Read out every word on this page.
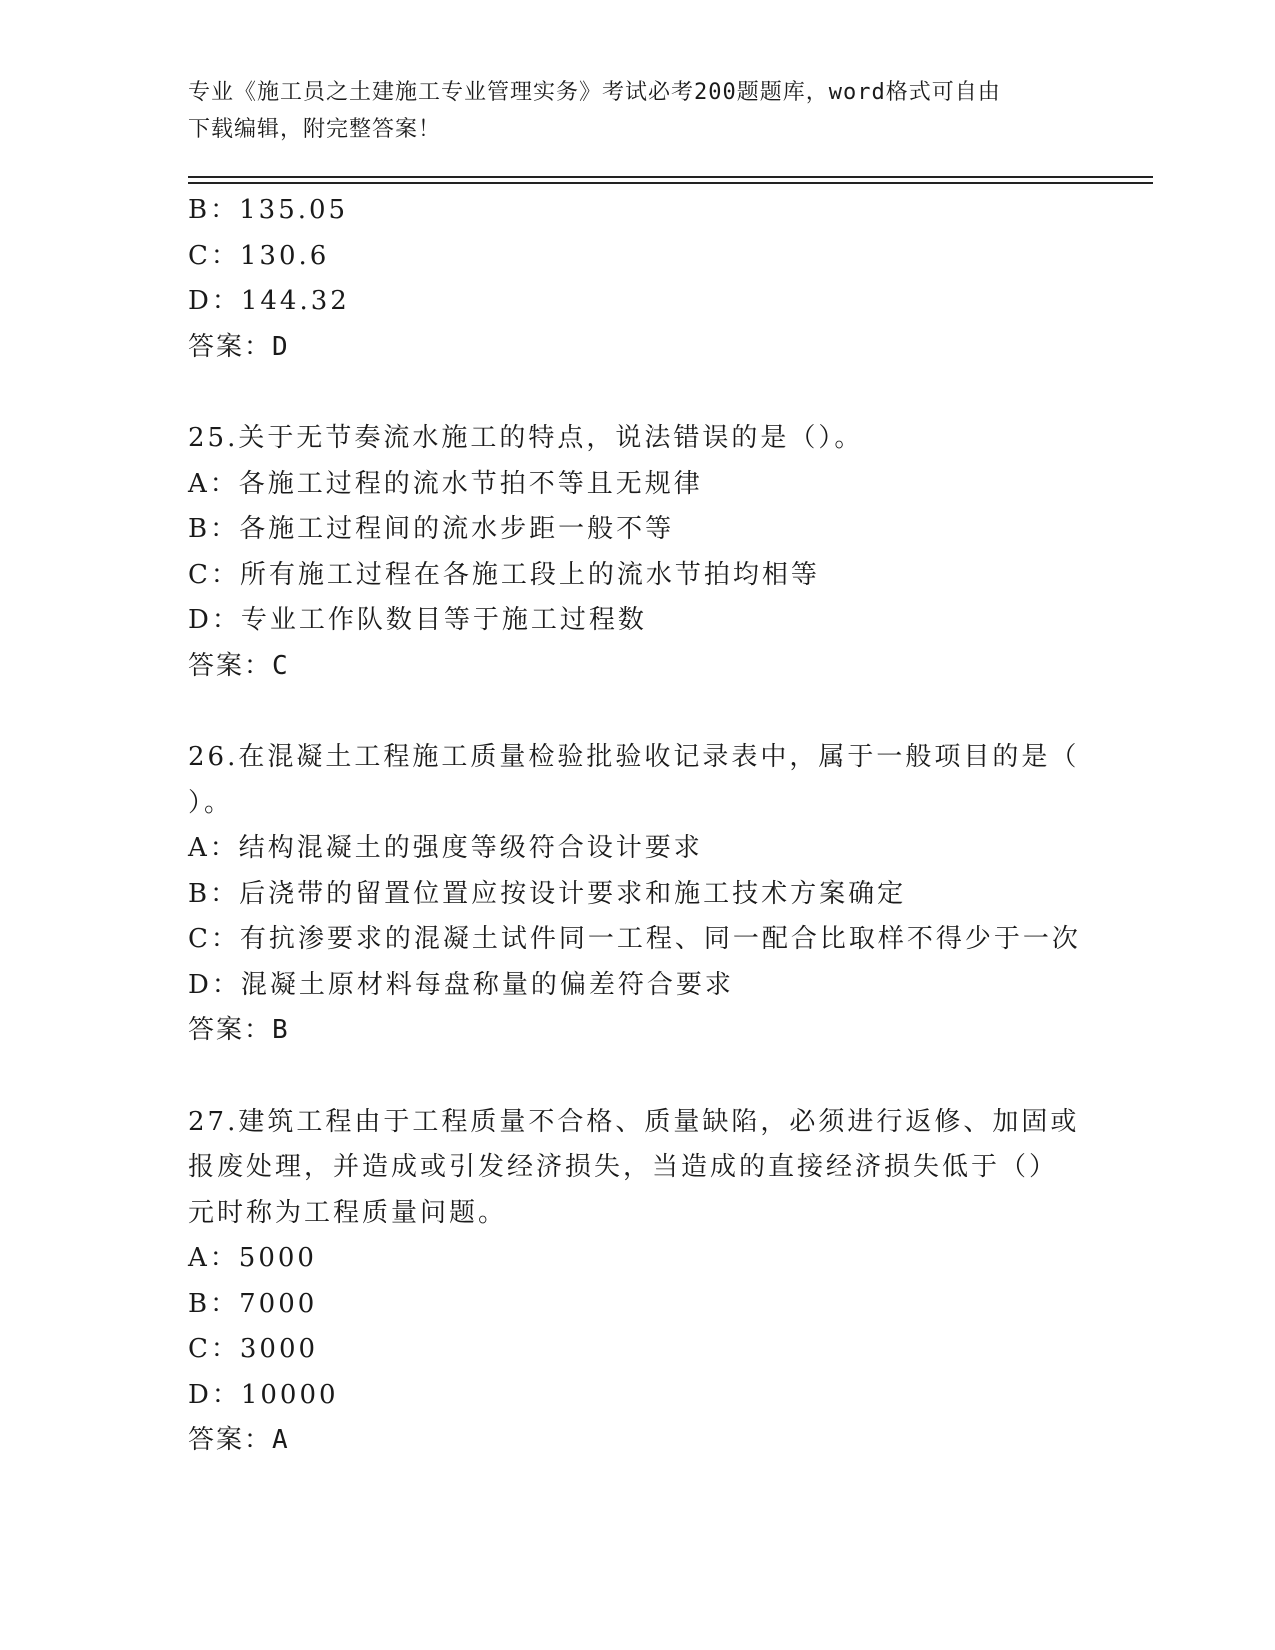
专业《施工员之土建施工专业管理实务》考试必考200题题库，word格式可自由
下载编辑，附完整答案！
B：135.05
C：130.6
D：144.32
答案：D
25.关于无节奏流水施工的特点，说法错误的是（）。
A：各施工过程的流水节拍不等且无规律
B：各施工过程间的流水步距一般不等
C：所有施工过程在各施工段上的流水节拍均相等
D：专业工作队数目等于施工过程数
答案：C
26.在混凝土工程施工质量检验批验收记录表中，属于一般项目的是（
）。
A：结构混凝土的强度等级符合设计要求
B：后浇带的留置位置应按设计要求和施工技术方案确定
C：有抗渗要求的混凝土试件同一工程、同一配合比取样不得少于一次
D：混凝土原材料每盘称量的偏差符合要求
答案：B
27.建筑工程由于工程质量不合格、质量缺陷，必须进行返修、加固或
报废处理，并造成或引发经济损失，当造成的直接经济损失低于（）
元时称为工程质量问题。
A：5000
B：7000
C：3000
D：10000
答案：A
